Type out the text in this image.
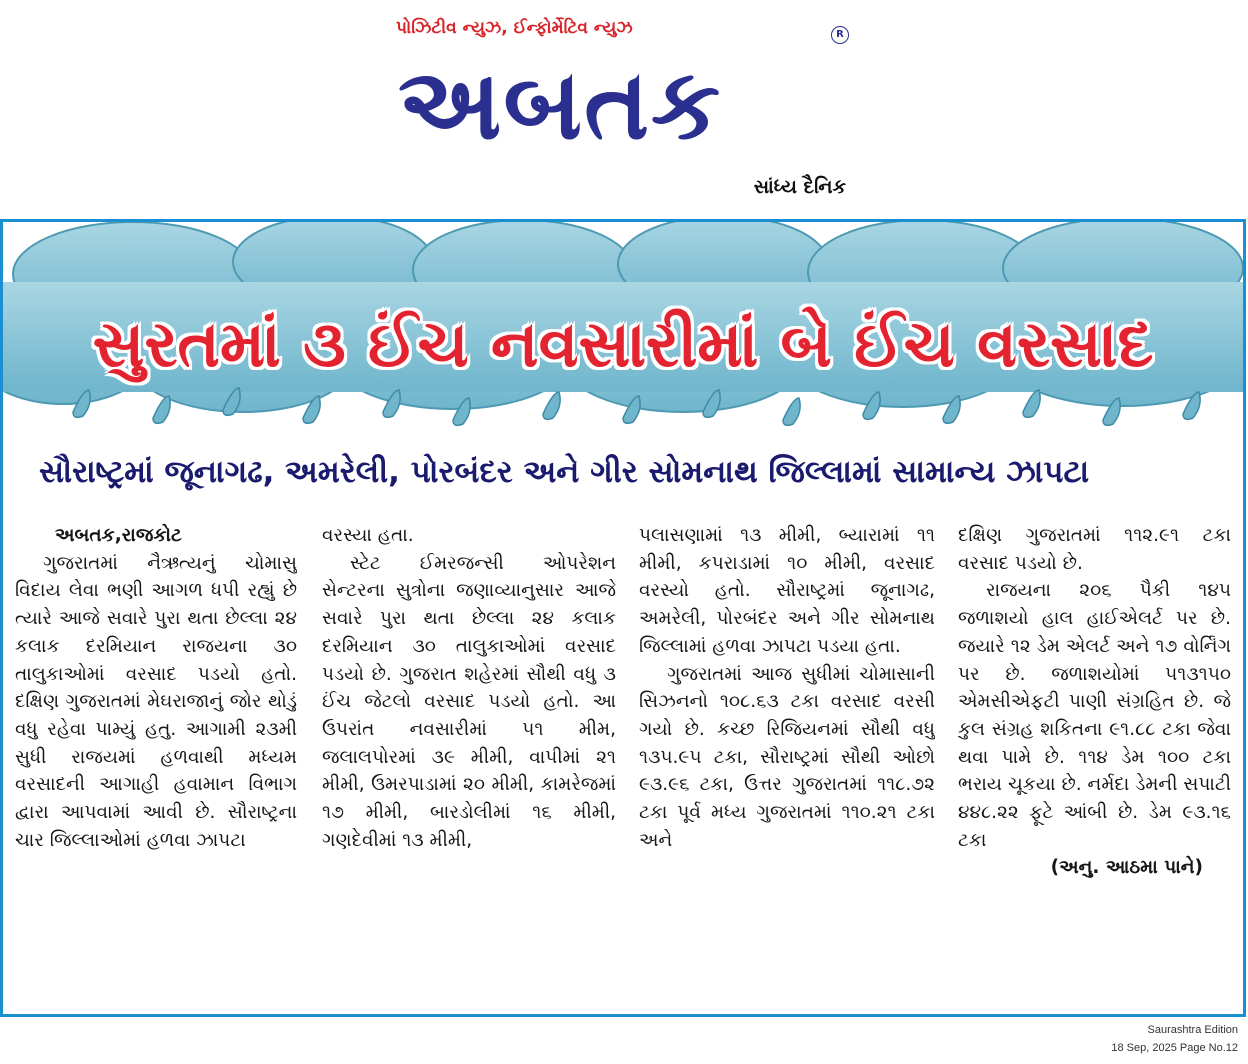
પોઝિટીવ ન્યુઝ, ઈન્ફોર્મેટિવ ન્યુઝ
અબતક
R
સાંધ્ય દૈનિક
સુરતમાં ૩ ઈંચ નવસારીમાં બે ઈંચ વરસાદ
સૌરાષ્ટ્રમાં જૂનાગઢ, અમરેલી, પોરબંદર અને ગીર સોમનાથ જિલ્લામાં સામાન્ય ઝાપટા

અબતક,રાજકોટ

ગુજરાતમાં નૈઋત્યનું ચોમાસુ વિદાય લેવા ભણી આગળ ધપી રહ્યું છે ત્યારે આજે સવારે પુરા થતા છેલ્લા ૨૪ કલાક દરમિયાન રાજયના ૩૦ તાલુકાઓમાં વરસાદ પડયો હતો. દક્ષિણ ગુજરાતમાં મેઘરાજાનું જોર થોડું વધુ રહેવા પામ્યું હતુ. આગામી ૨૩મી સુધી રાજયમાં હળવાથી મધ્યમ વરસાદની આગાહી હવામાન વિભાગ દ્વારા આપવામાં આવી છે. સૌરાષ્ટ્રના ચાર જિલ્લાઓમાં હળવા ઝાપટા

વરસ્યા હતા.

સ્ટેટ ઈમરજન્સી ઓપરેશન સેન્ટરના સુત્રોના જણાવ્યાનુસાર આજે સવારે પુરા થતા છેલ્લા ૨૪ કલાક દરમિયાન ૩૦ તાલુકાઓમાં વરસાદ પડયો છે. ગુજરાત શહેરમાં સૌથી વધુ ૩ ઈંચ જેટલો વરસાદ પડયો હતો. આ ઉપરાંત નવસારીમાં ૫૧ મીમ, જલાલપોરમાં ૩૯ મીમી, વાપીમાં ૨૧ મીમી, ઉમરપાડામાં ૨૦ મીમી, કામરેજમાં ૧૭ મીમી, બારડોલીમાં ૧૬ મીમી, ગણદેવીમાં ૧૩ મીમી,

પલાસણામાં ૧૩ મીમી, બ્યારામાં ૧૧ મીમી, કપરાડામાં ૧૦ મીમી, વરસાદ વરસ્યો હતો. સૌરાષ્ટ્રમાં જૂનાગઢ, અમરેલી, પોરબંદર અને ગીર સોમનાથ જિલ્લામાં હળવા ઝાપટા પડયા હતા.

ગુજરાતમાં આજ સુધીમાં ચોમાસાની સિઝનનો ૧૦૮.૬૩ ટકા વરસાદ વરસી ગયો છે. કચ્છ રિજિયનમાં સૌથી વધુ ૧૩૫.૯૫ ટકા, સૌરાષ્ટ્રમાં સૌથી ઓછો ૯૩.૯૬ ટકા, ઉત્તર ગુજરાતમાં ૧૧૮.૭૨ ટકા પૂર્વ મધ્ય ગુજરાતમાં ૧૧૦.૨૧ ટકા અને

દક્ષિણ ગુજરાતમાં ૧૧૨.૯૧ ટકા વરસાદ પડયો છે.

રાજયના ૨૦૬ પૈકી ૧૪૫ જળાશયો હાલ હાઈએલર્ટ પર છે. જયારે ૧૨ ડેમ એલર્ટ અને ૧૭ વોર્નિંગ પર છે. જળાશયોમાં ૫૧૩૧૫૦ એમસીએફટી પાણી સંગ્રહિત છે. જે કુલ સંગ્રહ શકિતના ૯૧.૮૮ ટકા જેવા થવા પામે છે. ૧૧૪ ડેમ ૧૦૦ ટકા ભરાય ચૂકયા છે. નર્મદા ડેમની સપાટી ૪૪૮.૨૨ ફૂટે આંબી છે. ડેમ ૯૩.૧૬ ટકા

(અનુ. આઠમા પાને)
Saurashtra Edition
18 Sep, 2025 Page No.12
